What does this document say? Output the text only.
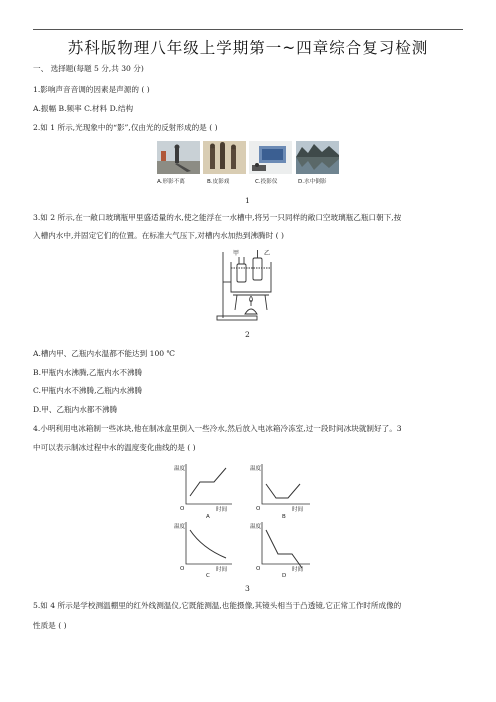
苏科版物理八年级上学期第一~四章综合复习检测
一、 选择题(每题 5 分,共 30 分)
1.影响声音音调的因素是声源的 ( )
A.振幅 B.频率 C.材料 D.结构
2.如 1 所示,光现象中的“影”,仅由光的反射形成的是 ( )
A.形影不离	B.皮影戏	C.投影仪	D.水中倒影
1
3.如 2 所示,在一敞口玻璃瓶甲里盛适量的水,使之能浮在一水槽中,将另一只同样的敞口空玻璃瓶乙瓶口朝下,按
入槽内水中,并固定它们的位置。在标准大气压下,对槽内水加热到沸腾时 ( )
甲	乙
2
A.槽内甲、乙瓶内水温都不能达到 100 ℃
B.甲瓶内水沸腾,乙瓶内水不沸腾
C.甲瓶内水不沸腾,乙瓶内水沸腾
D.甲、乙瓶内水都不沸腾
4.小明利用电冰箱制一些冰块,他在制冰盒里倒入一些冷水,然后放入电冰箱冷冻室,过一段时间冰块就制好了。3
中可以表示制冰过程中水的温度变化曲线的是 ( )
温度
O	时间
A
温度
O	时间
B
温度
O	时间
C
温度
O	时间
D
3
5.如 4 所示是学校测温棚里的红外线测温仪,它既能测温,也能摄像,其镜头相当于凸透镜,它正常工作时所成像的
性质是 ( )
